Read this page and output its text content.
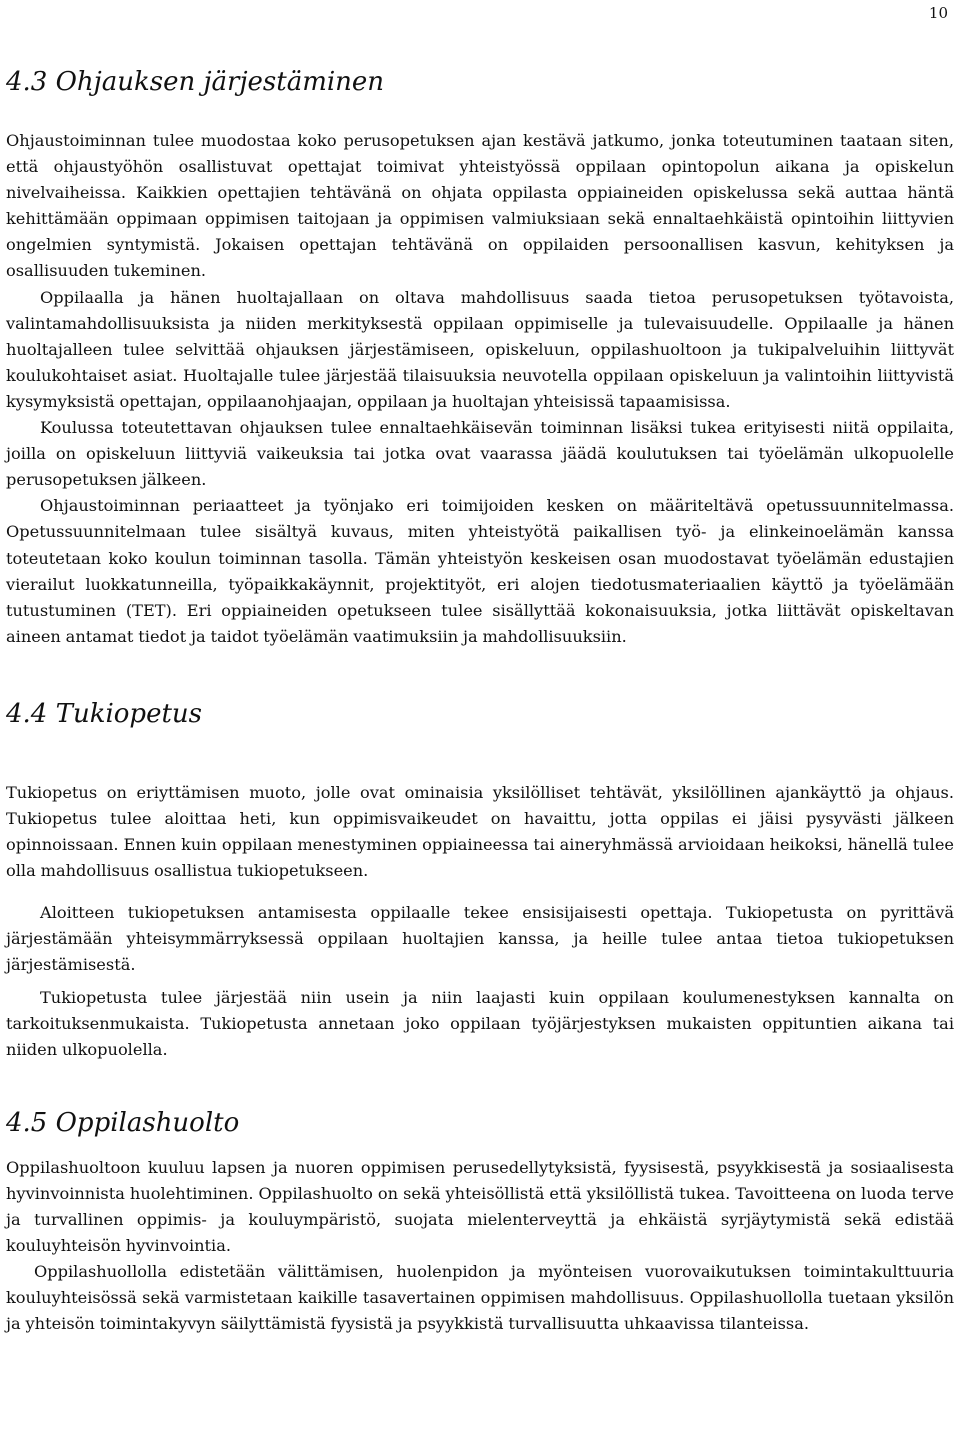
10
4.3 Ohjauksen järjestäminen

Ohjaustoiminnan tulee muodostaa koko perusopetuksen ajan kestävä jatkumo, jonka toteutuminen taataan siten, että ohjaustyöhön osallistuvat opettajat toimivat yhteistyössä oppilaan opintopolun aikana ja opiskelun nivelvaiheissa. Kaikkien opettajien tehtävänä on ohjata oppilasta oppiaineiden opiskelussa sekä auttaa häntä kehittämään oppimaan oppimisen taitojaan ja oppimisen valmiuksiaan sekä ennaltaehkäistä opintoihin liittyvien ongelmien syntymistä. Jokaisen opettajan tehtävänä on oppilaiden persoonallisen kasvun, kehityksen ja osallisuuden tukeminen.

Oppilaalla ja hänen huoltajallaan on oltava mahdollisuus saada tietoa perusopetuksen työtavoista, valintamahdollisuuksista ja niiden merkityksestä oppilaan oppimiselle ja tulevaisuudelle. Oppilaalle ja hänen huoltajalleen tulee selvittää ohjauksen järjestämiseen, opiskeluun, oppilashuoltoon ja tukipalveluihin liittyvät koulukohtaiset asiat. Huoltajalle tulee järjestää tilaisuuksia neuvotella oppilaan opiskeluun ja valintoihin liittyvistä kysymyksistä opettajan, oppilaanohjaajan, oppilaan ja huoltajan yhteisissä tapaamisissa.

Koulussa toteutettavan ohjauksen tulee ennaltaehkäisevän toiminnan lisäksi tukea erityisesti niitä oppilaita, joilla on opiskeluun liittyviä vaikeuksia tai jotka ovat vaarassa jäädä koulutuksen tai työelämän ulkopuolelle perusopetuksen jälkeen.

Ohjaustoiminnan periaatteet ja työnjako eri toimijoiden kesken on määriteltävä opetussuunnitelmassa. Opetussuunnitelmaan tulee sisältyä kuvaus, miten yhteistyötä paikallisen työ- ja elinkeinoelämän kanssa toteutetaan koko koulun toiminnan tasolla. Tämän yhteistyön keskeisen osan muodostavat työelämän edustajien vierailut luokkatunneilla, työpaikkakäynnit, projektityöt, eri alojen tiedotusmateriaalien käyttö ja työelämään tutustuminen (TET). Eri oppiaineiden opetukseen tulee sisällyttää kokonaisuuksia, jotka liittävät opiskeltavan aineen antamat tiedot ja taidot työelämän vaatimuksiin ja mahdollisuuksiin.

4.4 Tukiopetus

Tukiopetus on eriyttämisen muoto, jolle ovat ominaisia yksilölliset tehtävät, yksilöllinen ajankäyttö ja ohjaus. Tukiopetus tulee aloittaa heti, kun oppimisvaikeudet on havaittu, jotta oppilas ei jäisi pysyvästi jälkeen opinnoissaan. Ennen kuin oppilaan menestyminen oppiaineessa tai aineryhmässä arvioidaan heikoksi, hänellä tulee olla mahdollisuus osallistua tukiopetukseen.

Aloitteen tukiopetuksen antamisesta oppilaalle tekee ensisijaisesti opettaja. Tukiopetusta on pyrittävä järjestämään yhteisymmärryksessä oppilaan huoltajien kanssa, ja heille tulee antaa tietoa tukiopetuksen järjestämisestä.

Tukiopetusta tulee järjestää niin usein ja niin laajasti kuin oppilaan koulumenestyksen kannalta on tarkoituksenmukaista. Tukiopetusta annetaan joko oppilaan työjärjestyksen mukaisten oppituntien aikana tai niiden ulkopuolella.

4.5 Oppilashuolto

Oppilashuoltoon kuuluu lapsen ja nuoren oppimisen perusedellytyksistä, fyysisestä, psyykkisestä ja sosiaalisesta hyvinvoinnista huolehtiminen. Oppilashuolto on sekä yhteisöllistä että yksilöllistä tukea. Tavoitteena on luoda terve ja turvallinen oppimis- ja kouluympäristö, suojata mielenterveyttä ja ehkäistä syrjäytymistä sekä edistää kouluyhteisön hyvinvointia.

Oppilashuollolla edistetään välittämisen, huolenpidon ja myönteisen vuorovaikutuksen toimintakulttuuria kouluyhteisössä sekä varmistetaan kaikille tasavertainen oppimisen mahdollisuus. Oppilashuollolla tuetaan yksilön ja yhteisön toimintakyvyn säilyttämistä fyysistä ja psyykkistä turvallisuutta uhkaavissa tilanteissa.
